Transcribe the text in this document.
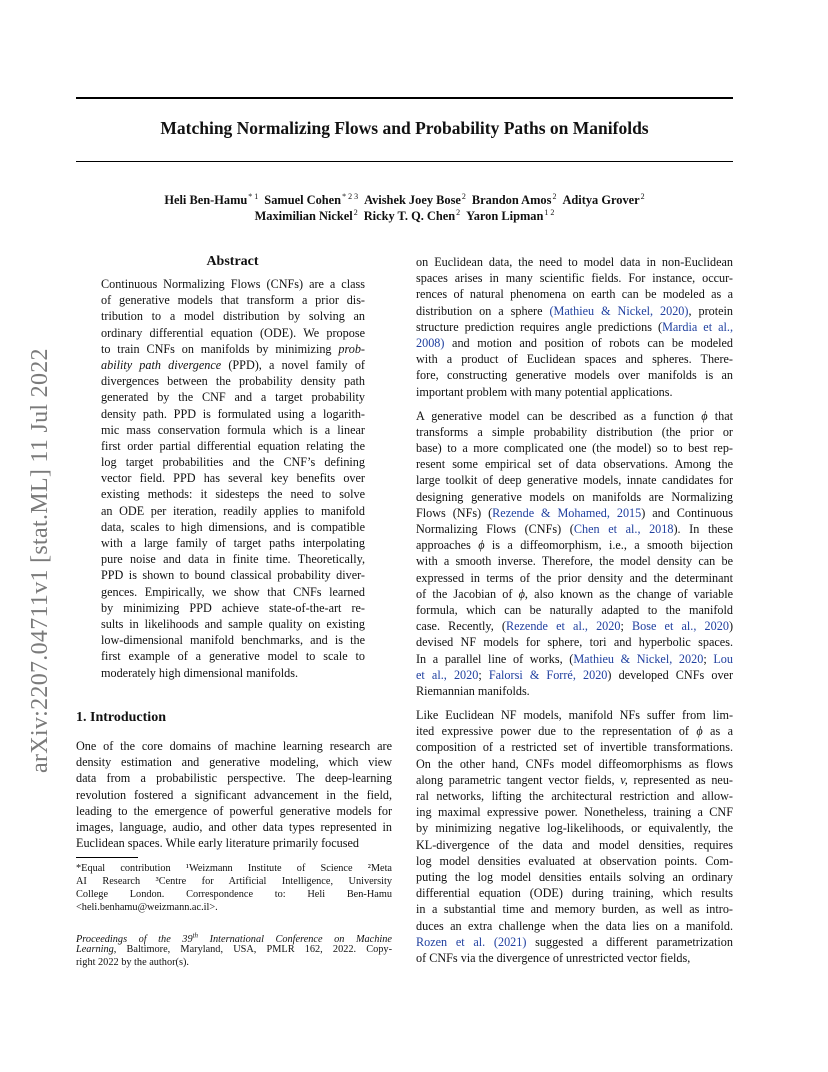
Matching Normalizing Flows and Probability Paths on Manifolds
Heli Ben-Hamu$^{* 1}$ Samuel Cohen$^{* 2 3}$ Avishek Joey Bose$^2$ Brandon Amos$^2$ Aditya Grover$^2$
Maximilian Nickel$^2$ Ricky T. Q. Chen$^2$ Yaron Lipman$^{1 2}$
arXiv:2207.04711v1 [stat.ML] 11 Jul 2022
Abstract
Continuous Normalizing Flows (CNFs) are a class
of generative models that transform a prior dis-
tribution to a model distribution by solving an
ordinary differential equation (ODE). We propose
to train CNFs on manifolds by minimizing prob-
ability path divergence (PPD), a novel family of
divergences between the probability density path
generated by the CNF and a target probability
density path. PPD is formulated using a logarith-
mic mass conservation formula which is a linear
first order partial differential equation relating the
log target probabilities and the CNF’s defining
vector field. PPD has several key benefits over
existing methods: it sidesteps the need to solve
an ODE per iteration, readily applies to manifold
data, scales to high dimensions, and is compatible
with a large family of target paths interpolating
pure noise and data in finite time. Theoretically,
PPD is shown to bound classical probability diver-
gences. Empirically, we show that CNFs learned
by minimizing PPD achieve state-of-the-art re-
sults in likelihoods and sample quality on existing
low-dimensional manifold benchmarks, and is the
first example of a generative model to scale to
moderately high dimensional manifolds.
1. Introduction
One of the core domains of machine learning research are
density estimation and generative modeling, which view
data from a probabilistic perspective. The deep-learning
revolution fostered a significant advancement in the field,
leading to the emergence of powerful generative models for
images, language, audio, and other data types represented in
Euclidean spaces. While early literature primarily focused
*Equal contribution ¹Weizmann Institute of Science ²Meta
AI Research ³Centre for Artificial Intelligence, University
College London. Correspondence to: Heli Ben-Hamu
<heli.benhamu@weizmann.ac.il>.
Proceedings of the 39th International Conference on Machine
Learning, Baltimore, Maryland, USA, PMLR 162, 2022. Copy-
right 2022 by the author(s).
on Euclidean data, the need to model data in non-Euclidean
spaces arises in many scientific fields. For instance, occur-
rences of natural phenomena on earth can be modeled as a
distribution on a sphere (Mathieu & Nickel, 2020), protein
structure prediction requires angle predictions (Mardia et al.,
2008) and motion and position of robots can be modeled
with a product of Euclidean spaces and spheres. There-
fore, constructing generative models over manifolds is an
important problem with many potential applications.
A generative model can be described as a function ϕ that
transforms a simple probability distribution (the prior or
base) to a more complicated one (the model) so to best rep-
resent some empirical set of data observations. Among the
large toolkit of deep generative models, innate candidates for
designing generative models on manifolds are Normalizing
Flows (NFs) (Rezende & Mohamed, 2015) and Continuous
Normalizing Flows (CNFs) (Chen et al., 2018). In these
approaches ϕ is a diffeomorphism, i.e., a smooth bijection
with a smooth inverse. Therefore, the model density can be
expressed in terms of the prior density and the determinant
of the Jacobian of ϕ, also known as the change of variable
formula, which can be naturally adapted to the manifold
case. Recently, (Rezende et al., 2020; Bose et al., 2020)
devised NF models for sphere, tori and hyperbolic spaces.
In a parallel line of works, (Mathieu & Nickel, 2020; Lou
et al., 2020; Falorsi & Forré, 2020) developed CNFs over
Riemannian manifolds.
Like Euclidean NF models, manifold NFs suffer from lim-
ited expressive power due to the representation of ϕ as a
composition of a restricted set of invertible transformations.
On the other hand, CNFs model diffeomorphisms as flows
along parametric tangent vector fields, v, represented as neu-
ral networks, lifting the architectural restriction and allow-
ing maximal expressive power. Nonetheless, training a CNF
by minimizing negative log-likelihoods, or equivalently, the
KL-divergence of the data and model densities, requires
log model densities evaluated at observation points. Com-
puting the log model densities entails solving an ordinary
differential equation (ODE) during training, which results
in a substantial time and memory burden, as well as intro-
duces an extra challenge when the data lies on a manifold.
Rozen et al. (2021) suggested a different parametrization
of CNFs via the divergence of unrestricted vector fields,
